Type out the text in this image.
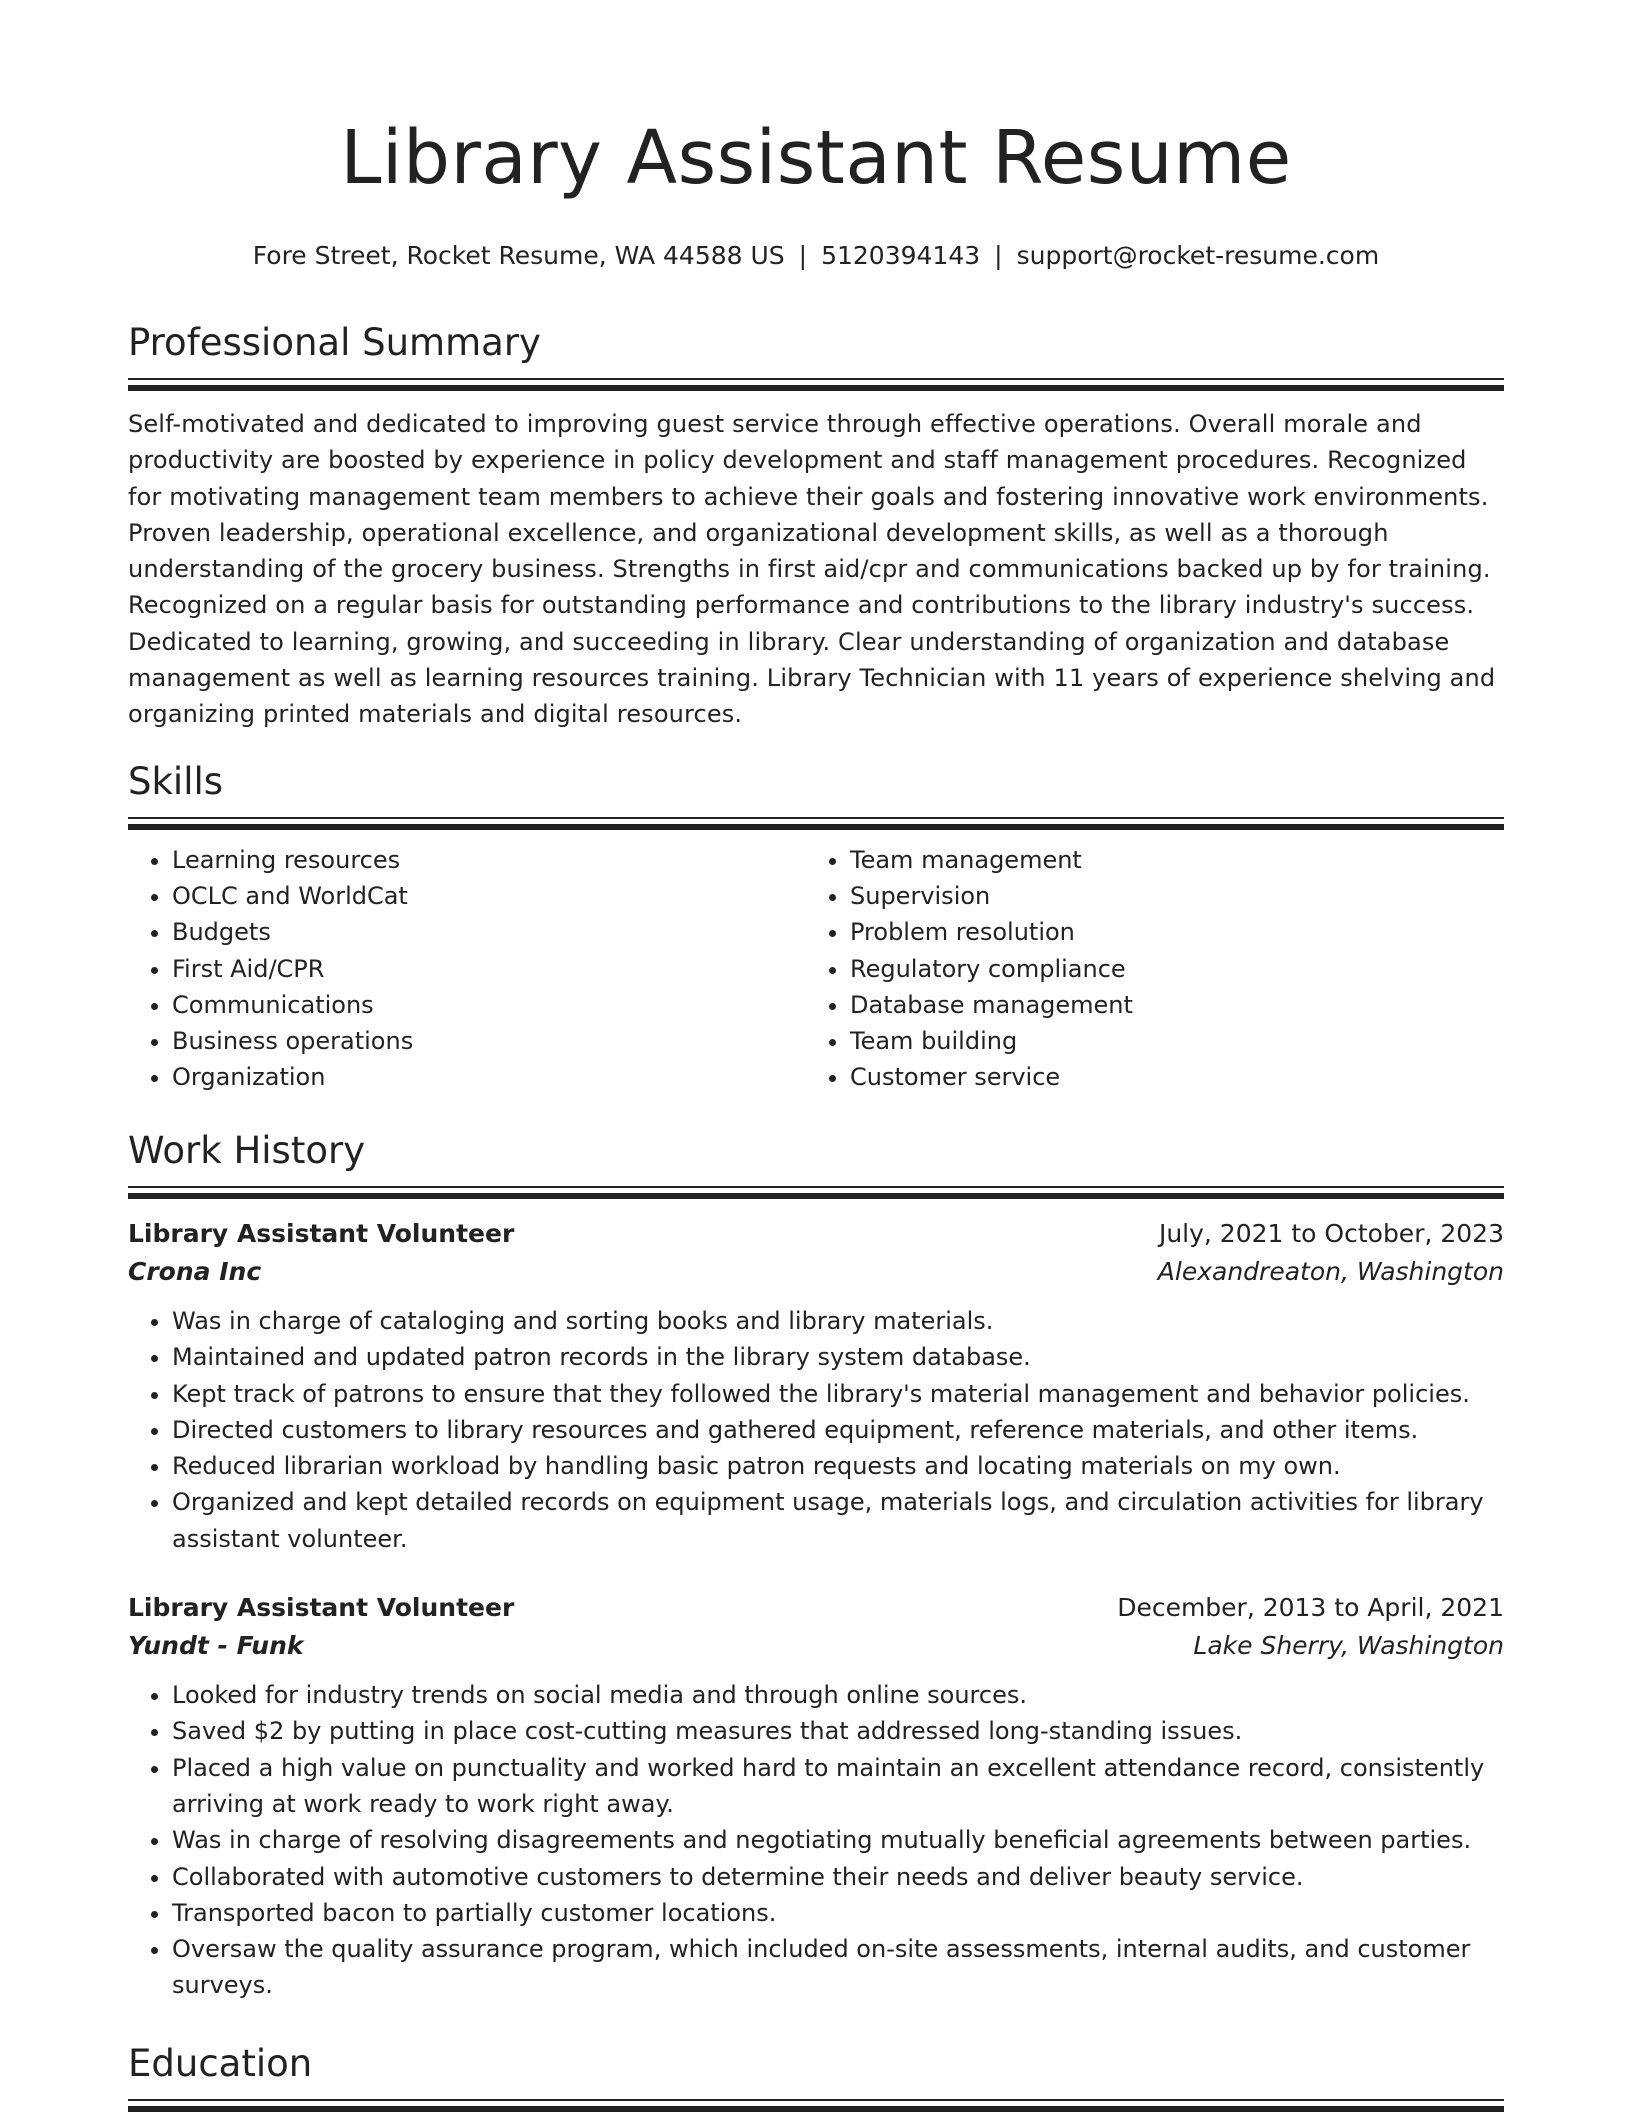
Library Assistant Resume
Fore Street, Rocket Resume, WA 44588 US | 5120394143 | support@rocket-resume.com
Professional Summary

Self-motivated and dedicated to improving guest service through effective operations. Overall morale and productivity are boosted by experience in policy development and staff management procedures. Recognized for motivating management team members to achieve their goals and fostering innovative work environments. Proven leadership, operational excellence, and organizational development skills, as well as a thorough understanding of the grocery business. Strengths in first aid/cpr and communications backed up by for training. Recognized on a regular basis for outstanding performance and contributions to the library industry's success. Dedicated to learning, growing, and succeeding in library. Clear understanding of organization and database management as well as learning resources training. Library Technician with 11 years of experience shelving and organizing printed materials and digital resources.

Skills
• Learning resources
• OCLC and WorldCat
• Budgets
• First Aid/CPR
• Communications
• Business operations
• Organization
• Team management
• Supervision
• Problem resolution
• Regulatory compliance
• Database management
• Team building
• Customer service
Work History
Library Assistant Volunteer	July, 2021 to October, 2023
Crona Inc	Alexandreaton, Washington
• Was in charge of cataloging and sorting books and library materials.
• Maintained and updated patron records in the library system database.
• Kept track of patrons to ensure that they followed the library's material management and behavior policies.
• Directed customers to library resources and gathered equipment, reference materials, and other items.
• Reduced librarian workload by handling basic patron requests and locating materials on my own.
• Organized and kept detailed records on equipment usage, materials logs, and circulation activities for library assistant volunteer.
Library Assistant Volunteer	December, 2013 to April, 2021
Yundt - Funk	Lake Sherry, Washington
• Looked for industry trends on social media and through online sources.
• Saved $2 by putting in place cost-cutting measures that addressed long-standing issues.
• Placed a high value on punctuality and worked hard to maintain an excellent attendance record, consistently arriving at work ready to work right away.
• Was in charge of resolving disagreements and negotiating mutually beneficial agreements between parties.
• Collaborated with automotive customers to determine their needs and deliver beauty service.
• Transported bacon to partially customer locations.
• Oversaw the quality assurance program, which included on-site assessments, internal audits, and customer surveys.
Education
